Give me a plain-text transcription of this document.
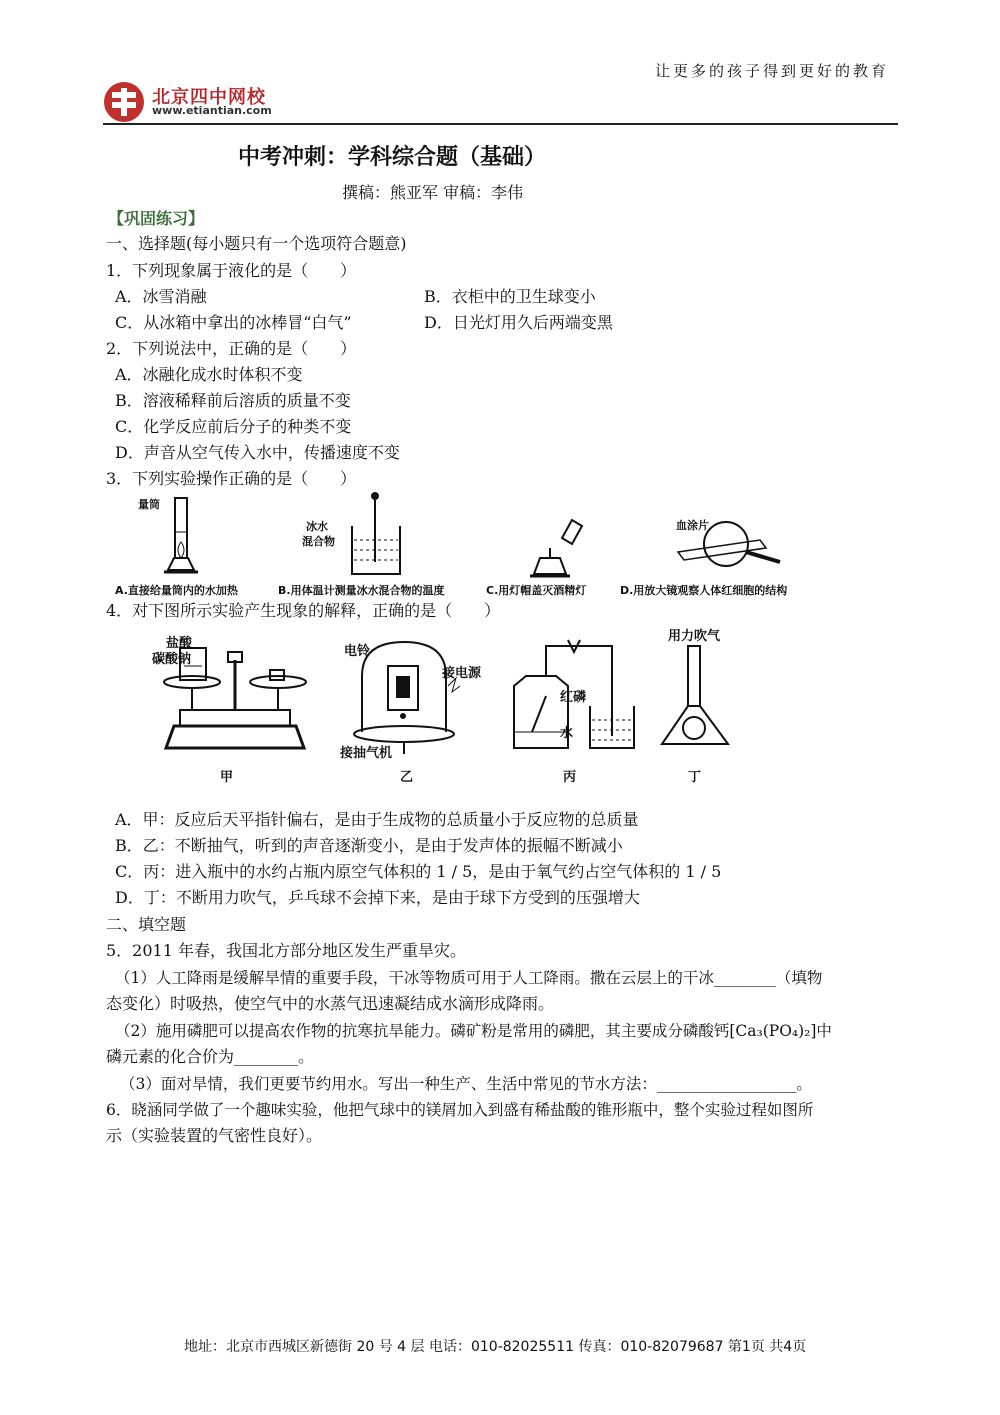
让更多的孩子得到更好的教育
北京四中网校
www.etiantian.com
中考冲刺：学科综合题（基础）
撰稿：熊亚军 审稿：李伟
【巩固练习】
一、选择题(每小题只有一个选项符合题意)
1．下列现象属于液化的是（　　）
A．冰雪消融	B．衣柜中的卫生球变小
C．从冰箱中拿出的冰棒冒“白气”	D．日光灯用久后两端变黑
2．下列说法中，正确的是（　　）
A．冰融化成水时体积不变
B．溶液稀释前后溶质的质量不变
C．化学反应前后分子的种类不变
D．声音从空气传入水中，传播速度不变
3．下列实验操作正确的是（　　）
量筒
冰水
混合物
血涂片
A.直接给量筒内的水加热	B.用体温计测量冰水混合物的温度	C.用灯帽盖灭酒精灯	D.用放大镜观察人体红细胞的结构
4．对下图所示实验产生现象的解释，正确的是（　　）
盐酸
碳酸钠
电铃
接电源
接抽气机
红磷
水
用力吹气
甲	乙	丙	丁
A．甲：反应后天平指针偏右，是由于生成物的总质量小于反应物的总质量
B．乙：不断抽气，听到的声音逐渐变小，是由于发声体的振幅不断减小
C．丙：进入瓶中的水约占瓶内原空气体积的 1 / 5，是由于氧气约占空气体积的 1 / 5
D．丁：不断用力吹气，乒乓球不会掉下来，是由于球下方受到的压强增大
二、填空题
5．2011 年春，我国北方部分地区发生严重旱灾。
（1）人工降雨是缓解旱情的重要手段，干冰等物质可用于人工降雨。撒在云层上的干冰________（填物
态变化）时吸热，使空气中的水蒸气迅速凝结成水滴形成降雨。
（2）施用磷肥可以提高农作物的抗寒抗旱能力。磷矿粉是常用的磷肥，其主要成分磷酸钙[Ca₃(PO₄)₂]中
磷元素的化合价为________。
（3）面对旱情，我们更要节约用水。写出一种生产、生活中常见的节水方法：__________________。
6．晓涵同学做了一个趣味实验，他把气球中的镁屑加入到盛有稀盐酸的锥形瓶中，整个实验过程如图所
示（实验装置的气密性良好）。
地址：北京市西城区新德街 20 号 4 层 电话：010-82025511 传真：010-82079687 第1页 共4页
